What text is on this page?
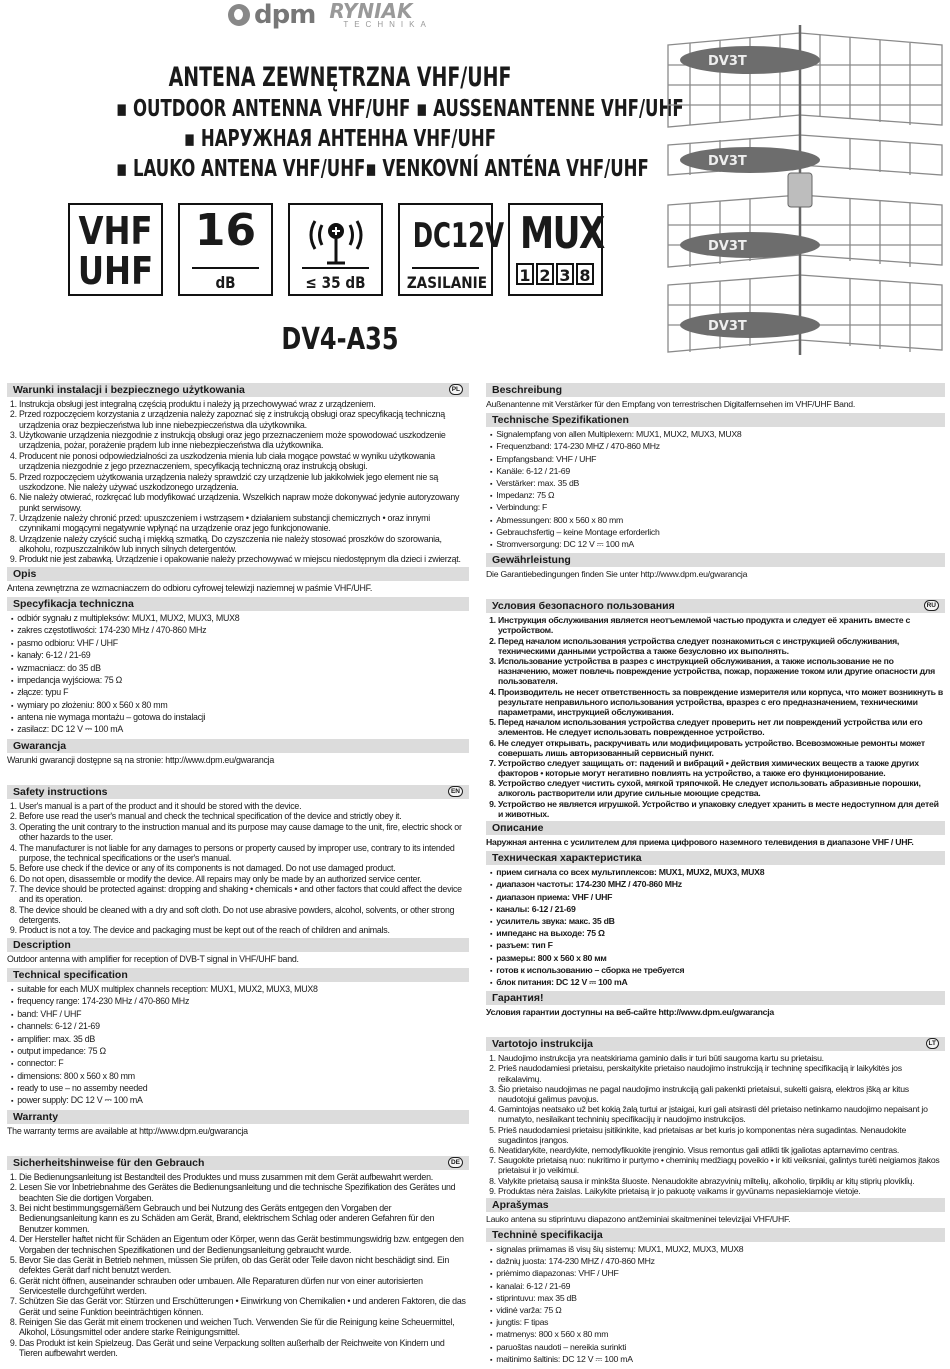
dpm RYNIAK
TECHNIKA
ANTENA ZEWNĘTRZNA VHF/UHF
▪ OUTDOOR ANTENNA VHF/UHF ▪ AUSSENANTENNE VHF/UHF
▪ НАРУЖНАЯ АНТЕННА VHF/UHF
▪ LAUKO ANTENA VHF/UHF▪ VENKOVNÍ ANTÉNA VHF/UHF
VHF
UHF
16
dB	≤ 35 dB
DC12V
ZASILANIE
MUX
1 2 3 8
DV4-A35
DV3T
DV3T
DV3T
DV3T
Warunki instalacji i bezpiecznego użytkowania	PL
1. Instrukcja obsługi jest integralną częścią produktu i należy ją przechowywać wraz z urządzeniem.
2. Przed rozpoczęciem korzystania z urządzenia należy zapoznać się z instrukcją obsługi oraz specyfikacją techniczną urządzenia oraz bezpieczeństwa lub inne niebezpieczeństwa dla użytkownika.
3. Użytkowanie urządzenia niezgodnie z instrukcją obsługi oraz jego przeznaczeniem może spowodować uszkodzenie urządzenia, pożar, porażenie prądem lub inne niebezpieczeństwa dla użytkownika.
4. Producent nie ponosi odpowiedzialności za uszkodzenia mienia lub ciała mogące powstać w wyniku użytkowania urządzenia niezgodnie z jego przeznaczeniem, specyfikacją techniczną oraz instrukcją obsługi.
5. Przed rozpoczęciem użytkowania urządzenia należy sprawdzić czy urządzenie lub jakikolwiek jego element nie są uszkodzone. Nie należy używać uszkodzonego urządzenia.
6. Nie należy otwierać, rozkręcać lub modyfikować urządzenia. Wszelkich napraw może dokonywać jedynie autoryzowany punkt serwisowy.
7. Urządzenie należy chronić przed: upuszczeniem i wstrząsem • działaniem substancji chemicznych • oraz innymi czynnikami mogącymi negatywnie wpłynąć na urządzenie oraz jego funkcjonowanie.
8. Urządzenie należy czyścić suchą i miękką szmatką. Do czyszczenia nie należy stosować proszków do szorowania, alkoholu, rozpuszczalników lub innych silnych detergentów.
9. Produkt nie jest zabawką. Urządzenie i opakowanie należy przechowywać w miejscu niedostępnym dla dzieci i zwierząt.
Opis

Antena zewnętrzna ze wzmacniaczem do odbioru cyfrowej telewizji naziemnej w paśmie VHF/UHF.

Specyfikacja techniczna
▪ odbiór sygnału z multipleksów: MUX1, MUX2, MUX3, MUX8
▪ zakres częstotliwości: 174-230 MHz / 470-860 MHz
▪ pasmo odbioru: VHF / UHF
▪ kanały: 6-12 / 21-69
▪ wzmacniacz: do 35 dB
▪ impedancja wyjściowa: 75 Ω
▪ złącze: typu F
▪ wymiary po złożeniu: 800 x 560 x 80 mm
▪ antena nie wymaga montażu – gotowa do instalacji
▪ zasilacz: DC 12 V ⎓ 100 mA
Gwarancja

Warunki gwarancji dostępne są na stronie: http://www.dpm.eu/gwarancja

Safety instructions	EN
1. User's manual is a part of the product and it should be stored with the device.
2. Before use read the user's manual and check the technical specification of the device and strictly obey it.
3. Operating the unit contrary to the instruction manual and its purpose may cause damage to the unit, fire, electric shock or other hazards to the user.
4. The manufacturer is not liable for any damages to persons or property caused by improper use, contrary to its intended purpose, the technical specifications or the user's manual.
5. Before use check if the device or any of its components is not damaged. Do not use damaged product.
6. Do not open, disassemble or modify the device. All repairs may only be made by an authorized service center.
7. The device should be protected against: dropping and shaking • chemicals • and other factors that could affect the device and its operation.
8. The device should be cleaned with a dry and soft cloth. Do not use abrasive powders, alcohol, solvents, or other strong detergents.
9. Product is not a toy. The device and packaging must be kept out of the reach of children and animals.
Description

Outdoor antenna with amplifier for reception of DVB-T signal in VHF/UHF band.

Technical specification
▪ suitable for each MUX multiplex channels reception: MUX1, MUX2, MUX3, MUX8
▪ frequency range: 174-230 MHz / 470-860 MHz
▪ band: VHF / UHF
▪ channels: 6-12 / 21-69
▪ amplifier: max. 35 dB
▪ output impedance: 75 Ω
▪ connector: F
▪ dimensions: 800 x 560 x 80 mm
▪ ready to use – no assemby needed
▪ power supply: DC 12 V ⎓ 100 mA
Warranty

The warranty terms are available at http://www.dpm.eu/gwarancja

Sicherheitshinweise für den Gebrauch	DE
1. Die Bedienungsanleitung ist Bestandteil des Produktes und muss zusammen mit dem Gerät aufbewahrt werden.
2. Lesen Sie vor Inbetriebnahme des Gerätes die Bedienungsanleitung und die technische Spezifikation des Gerätes und beachten Sie die dortigen Vorgaben.
3. Bei nicht bestimmungsgemäßem Gebrauch und bei Nutzung des Geräts entgegen den Vorgaben der Bedienungsanleitung kann es zu Schäden am Gerät, Brand, elektrischem Schlag oder anderen Gefahren für den Benutzer kommen.
4. Der Hersteller haftet nicht für Schäden an Eigentum oder Körper, wenn das Gerät bestimmungswidrig bzw. entgegen den Vorgaben der technischen Spezifikationen und der Bedienungsanleitung gebraucht wurde.
5. Bevor Sie das Gerät in Betrieb nehmen, müssen Sie prüfen, ob das Gerät oder Teile davon nicht beschädigt sind. Ein defektes Gerät darf nicht benutzt werden.
6. Gerät nicht öffnen, auseinander schrauben oder umbauen. Alle Reparaturen dürfen nur von einer autorisierten Servicestelle durchgeführt werden.
7. Schützen Sie das Gerät vor: Stürzen und Erschütterungen • Einwirkung von Chemikalien • und anderen Faktoren, die das Gerät und seine Funktion beeinträchtigen können.
8. Reinigen Sie das Gerät mit einem trockenen und weichen Tuch. Verwenden Sie für die Reinigung keine Scheuermittel, Alkohol, Lösungsmittel oder andere starke Reinigungsmittel.
9. Das Produkt ist kein Spielzeug. Das Gerät und seine Verpackung sollten außerhalb der Reichweite von Kindern und Tieren aufbewahrt werden.
Beschreibung

Außenantenne mit Verstärker für den Empfang von terrestrischen Digitalfernsehen im VHF/UHF Band.

Technische Spezifikationen
▪ Signalempfang von allen Multiplexern: MUX1, MUX2, MUX3, MUX8
▪ Frequenzband: 174-230 MHZ / 470-860 MHz
▪ Empfangsband: VHF / UHF
▪ Kanäle: 6-12 / 21-69
▪ Verstärker: max. 35 dB
▪ Impedanz: 75 Ω
▪ Verbindung: F
▪ Abmessungen: 800 x 560 x 80 mm
▪ Gebrauchsfertig – keine Montage erforderlich
▪ Stromversorgung: DC 12 V ⎓ 100 mA
Gewährleistung

Die Garantiebedingungen finden Sie unter http://www.dpm.eu/gwarancja

Условия безопасного пользования	RU
1. Инструкция обслуживания является неотъемлемой частью продукта и следует её хранить вместе с устройством.
2. Перед началом использования устройства следует познакомиться с инструкцией обслуживания, техническими данными устройства а также безусловно их выполнять.
3. Использование устройства в разрез с инструкцией обслуживания, а также использование не по назначению, может повлечь повреждение устройства, пожар, поражение током или другие опасности для пользователя.
4. Производитель не несет ответственность за повреждение измерителя или корпуса, что может возникнуть в результате неправильного использования устройства, вразрез с его предназначением, техническими параметрами, инструкцией обслуживания.
5. Перед началом использования устройства следует проверить нет ли повреждений устройства или его элементов. Не следует использовать поврежденное устройство.
6. Не следует открывать, раскручивать или модифицировать устройство. Всевозможные ремонты может совершать лишь авторизованный сервисный пункт.
7. Устройство следует защищать от: падений и вибраций • действия химических веществ а также других факторов • которые могут негативно повлиять на устройство, а также его функционирование.
8. Устройство следует чистить сухой, мягкой тряпочкой. Не следует использовать абразивные порошки, алкоголь растворители или другие сильные моющие средства.
9. Устройство не является игрушкой. Устройство и упаковку следует хранить в месте недоступном для детей и животных.
Описание

Наружная антенна с усилителем для приема цифрового наземного телевидения в диапазоне VHF / UHF.

Техническая характеристика
▪ прием сигнала со всех мультиплексов: MUX1, MUX2, MUX3, MUX8
▪ диапазон частоты: 174-230 MHZ / 470-860 MHz
▪ диапазон приема: VHF / UHF
▪ каналы: 6-12 / 21-69
▪ усилитель звука: макс. 35 dB
▪ импеданс на выходе: 75 Ω
▪ разъем: тип F
▪ размеры: 800 x 560 x 80 мм
▪ готов к использованию – сборка не требуется
▪ блок питания: DC 12 V ⎓ 100 mA
Гарантия!

Условия гарантии доступны на веб-сайте http://www.dpm.eu/gwarancja

Vartotojo instrukcija	LT
1. Naudojimo instrukcija yra neatskiriama gaminio dalis ir turi būti saugoma kartu su prietaisu.
2. Prieš naudodamiesi prietaisu, perskaitykite prietaiso naudojimo instrukciją ir techninę specifikaciją ir laikykitės jos reikalavimų.
3. Šio prietaiso naudojimas ne pagal naudojimo instrukciją gali pakenkti prietaisui, sukelti gaisrą, elektros įšką ar kitus naudotojui galimus pavojus.
4. Gamintojas neatsako už bet kokią žalą turtui ar įstaigai, kuri gali atsirasti dėl prietaiso netinkamo naudojimo nepaisant jo numatyto, nesilaikant techninių specifikacijų ir naudojimo instrukcijos.
5. Prieš naudodamiesi prietaisu įsitikinkite, kad prietaisas ar bet kuris jo komponentas nėra sugadintas. Nenaudokite sugadintos įrangos.
6. Neatidarykite, neardykite, nemodyfikuokite įrenginio. Visus remontus gali atlikti tik įgaliotas aptarnavimo centras.
7. Saugokite prietaisą nuo: nukritimo ir purtymo • cheminių medžiagų poveikio • ir kiti veiksniai, galintys turėti neigiamos įtakos prietaisui ir jo veikimui.
8. Valykite prietaisą sausa ir minkšta šluoste. Nenaudokite abrazyvinių miltelių, alkoholio, tirpiklių ar kitų stiprių plovikli̇ų.
9. Produktas nėra žaislas. Laikykite prietaisą ir jo pakuotę vaikams ir gyvūnams nepasiekiamoje vietoje.
Aprašymas

Lauko antena su stiprintuvu diapazono antžeminiai skaitmeninei televizijai VHF/UHF.

Techninė specifikacija
▪ signalas priimamas iš visų šių sistemų: MUX1, MUX2, MUX3, MUX8
▪ dažnių juosta: 174-230 MHZ / 470-860 MHz
▪ priėmimo diapazonas: VHF / UHF
▪ kanalai: 6-12 / 21-69
▪ stiprintuvu: max 35 dB
▪ vidinė varža: 75 Ω
▪ jungtis: F tipas
▪ matmenys: 800 x 560 x 80 mm
▪ paruoštas naudoti – nereikia surinkti
▪ maitinimo šaltinis: DC 12 V ⎓ 100 mA
